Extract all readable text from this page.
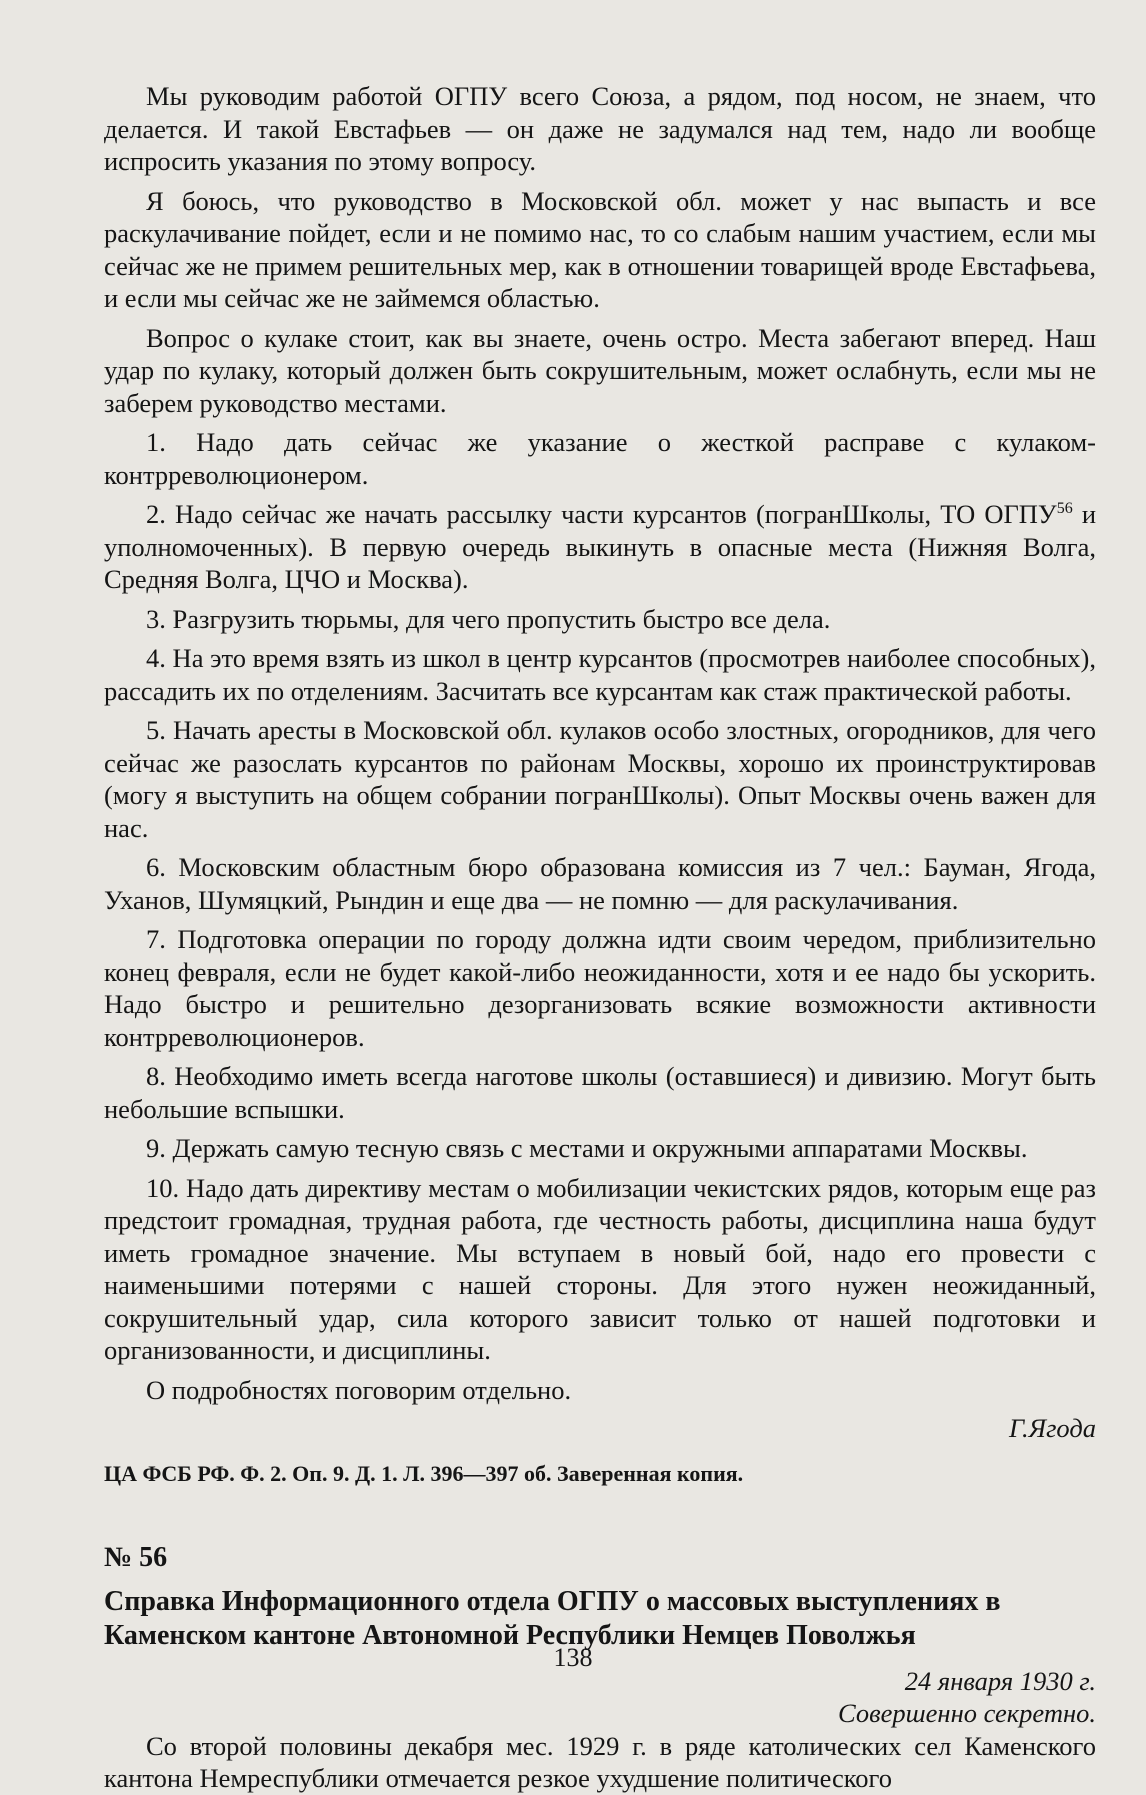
Мы руководим работой ОГПУ всего Союза, а рядом, под носом, не знаем, что делается. И такой Евстафьев — он даже не задумался над тем, надо ли вообще испросить указания по этому вопросу.

Я боюсь, что руководство в Московской обл. может у нас выпасть и все раскулачивание пойдет, если и не помимо нас, то со слабым нашим участием, если мы сейчас же не примем решительных мер, как в отношении товарищей вроде Евстафьева, и если мы сейчас же не займемся областью.

Вопрос о кулаке стоит, как вы знаете, очень остро. Места забегают вперед. Наш удар по кулаку, который должен быть сокрушительным, может ослабнуть, если мы не заберем руководство местами.

1. Надо дать сейчас же указание о жесткой расправе с кулаком-контрреволюционером.

2. Надо сейчас же начать рассылку части курсантов (погранШколы, ТО ОГПУ$^{56}$ и уполномоченных). В первую очередь выкинуть в опасные места (Нижняя Волга, Средняя Волга, ЦЧО и Москва).

3. Разгрузить тюрьмы, для чего пропустить быстро все дела.

4. На это время взять из школ в центр курсантов (просмотрев наиболее способных), рассадить их по отделениям. Засчитать все курсантам как стаж практической работы.

5. Начать аресты в Московской обл. кулаков особо злостных, огородников, для чего сейчас же разослать курсантов по районам Москвы, хорошо их проинструктировав (могу я выступить на общем собрании погранШколы). Опыт Москвы очень важен для нас.

6. Московским областным бюро образована комиссия из 7 чел.: Бауман, Ягода, Уханов, Шумяцкий, Рындин и еще два — не помню — для раскулачивания.

7. Подготовка операции по городу должна идти своим чередом, приблизительно конец февраля, если не будет какой-либо неожиданности, хотя и ее надо бы ускорить. Надо быстро и решительно дезорганизовать всякие возможности активности контрреволюционеров.

8. Необходимо иметь всегда наготове школы (оставшиеся) и дивизию. Могут быть небольшие вспышки.

9. Держать самую тесную связь с местами и окружными аппаратами Москвы.

10. Надо дать директиву местам о мобилизации чекистских рядов, которым еще раз предстоит громадная, трудная работа, где честность работы, дисциплина наша будут иметь громадное значение. Мы вступаем в новый бой, надо его провести с наименьшими потерями с нашей стороны. Для этого нужен неожиданный, сокрушительный удар, сила которого зависит только от нашей подготовки и организованности, и дисциплины.

О подробностях поговорим отдельно.

Г.Ягода
ЦА ФСБ РФ. Ф. 2. Оп. 9. Д. 1. Л. 396—397 об. Заверенная копия.
№ 56
Справка Информационного отдела ОГПУ о массовых выступлениях в Каменском кантоне Автономной Республики Немцев Поволжья
24 января 1930 г.
Совершенно секретно.

Со второй половины декабря мес. 1929 г. в ряде католических сел Каменского кантона Немреспублики отмечается резкое ухудшение политического

138
